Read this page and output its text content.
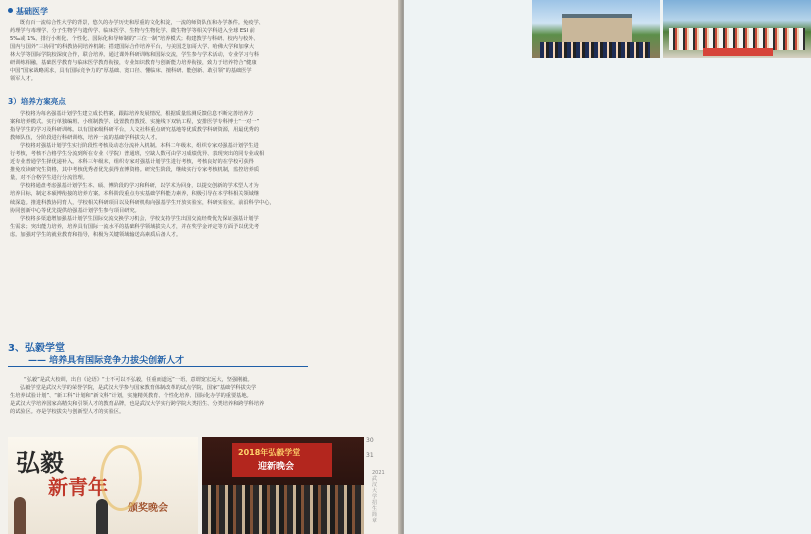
基础医学
既有百一流综合性大学的背景，悠久的办学历史和厚重的文化积淀，一流的师资队伍和办学条件。免疫学、
药理学与毒理学、分子生物学与遗传学、临床医学、生物与生物化学、微生物学等相关学科进入全球 ESI 前
5‰或 1%。排行小班化、个性化、国际化和导师制的“三位一制”培养模式；构建教学与科研、校内与校外、
国内与国外“三协同”的科教协同培养机制；搭建国际合作培养平台，与美国芝加哥大学、哈佛大学和加拿大
林大学等国际学院校深度合作，联合培养。通过课外科研训练和国际交流，学生参与学术活动，专业学习与科
研训练相融，基础医学教育与临床医学教育衔接，专业知识教育与创新能力培养衔接，致力于培养符合“健康
中国”国家战略需求，具有国际竞争力的“厚基础、宽口径、懂临床、擅科研、能创新、敢引领”的基础医学
领军人才。
3）培养方案亮点
学校将为每名强基计划学生建立成长档案，跟踪培养发展情况，根据质量监测反馈信息不断完善培养方
案和培养模式。实行单独编班、小班制教学、设置教育教授、实施线下双轨工程，安排医学专科博士“一对一”
指导学生的学习及科研训练。以有国家级科研平台，人文社科重点研究基地等优质教学科研资源，用最优秀的
教师队伍，分阶段进行科研训练，培养一流的基础学科拔尖人才。
学校将对强基计划学生实行阶段性考核及动态分流补入机制。本科二年级末，组织专家对强基计划学生进
行考核，考核不合格学生分流到所在专业（学院）普通班，空缺人数可由学习成绩优异、表现突出的同专业或相
近专业普通学生择优递补入。本科三年级末，组织专家对强基计划学生进行考核，考核良好的在学校可获得
推免攻读研究生资格，其中考核优秀者优先获得直博资格。研究生阶段，继续实行专家考核机制，监控培养质
量，对不合格学生进行分流管理。
学校将通盘考虑强基计划学生本、硕、博阶段的学习和科研，以学术为回身，以提交创新的学术型人才为
培养目标，制定本硕博衔接的培养方案。本科阶段重点夯实基础学科能力素养，积极引导在本学科相关领域继
续深造。推进科教协同育人，学校相关科研项目以及科研机构向强基学生开放实验室，科研实验室，前沿科学中心，
协同创新中心等优先提供给强基计划学生参与项目研究。
学校将多渠道增加强基计划学生国际交流交换学习机会，学校支持学生出国交流经费优先保证强基计划学
生需求；突出能力培养，培养具有国际一流水平的基础科学领域拔尖人才，并在奖学金评定等方面予以优先考
虑。加强对学生的就业教育和指导，积极为关键领域输送高素质后备人才。
3、弘毅学堂
—— 培养具有国际竞争力拔尖创新人才
“弘毅”是武大校训，出自《论语》“士不可以不弘毅，任重而道远”一语，意谓宽宏远大，坚强刚毅。
弘毅学堂是武汉大学的荣誉学院，是武汉大学参与国家教育体制改革的试点学院，国家“基础学科拔尖学
生培养试验计划”、“新工科”计划和“新文科”计划，实施精英教育、个性化培养、国际化办学的重要基地。
是武汉大学培养国家高精尖和引领人才的教育品牌，也是武汉大学实行跨学院大类招生、分类培养和跨学科培养
的试验区。亦是学校拔尖与创新型人才的实验区。
弘毅
新青年
颁奖晚会
2018年弘毅学堂
迎新晚会
30
31
2021武汉大学招生简章
